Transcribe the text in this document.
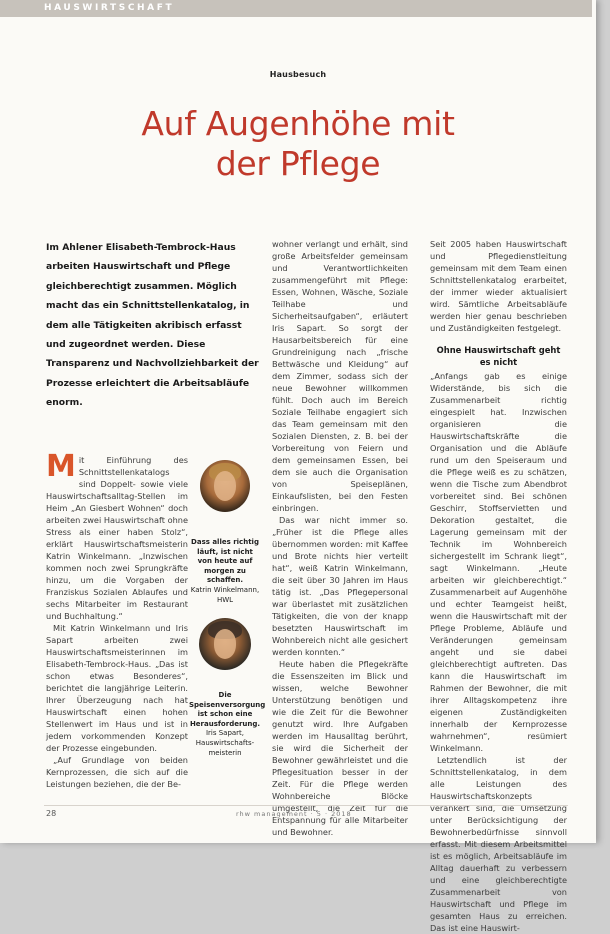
HAUSWIRTSCHAFT
Hausbesuch
Auf Augenhöhe mit
der Pflege
Im Ahlener Elisabeth-Tembrock-Haus arbeiten Hauswirtschaft und Pflege gleichberechtigt zusammen. Möglich macht das ein Schnittstellenkatalog, in dem alle Tätigkeiten akribisch erfasst und zugeordnet werden. Diese Transparenz und Nachvollziehbarkeit der Prozesse erleichtert die Arbeitsabläufe enorm.

Mit Einführung des Schnittstellenkatalogs sind Doppelt- sowie viele Hauswirtschaftsalltag-Stellen im Heim „An Giesbert Wohnen“ doch arbeiten zwei Hauswirtschaft ohne Stress als einer haben Stolz“, erklärt Hauswirtschaftsmeisterin Katrin Winkelmann. „Inzwischen kommen noch zwei Sprungkräfte hinzu, um die Vorgaben der Franziskus Sozialen Ablaufes und sechs Mitarbeiter im Restaurant und Buchhaltung.“

Mit Katrin Winkelmann und Iris Sapart arbeiten zwei Hauswirtschaftsmeisterinnen im Elisabeth-Tembrock-Haus. „Das ist schon etwas Besonderes“, berichtet die langjährige Leiterin. Ihrer Überzeugung nach hat Hauswirtschaft einen hohen Stellenwert im Haus und ist in jedem vorkommenden Konzept der Prozesse eingebunden.

„Auf Grundlage von beiden Kernprozessen, die sich auf die Leistungen beziehen, die der Be-

Dass alles richtig läuft, ist nicht von heute auf morgen zu schaffen.
Katrin Winkelmann, HWL
Die Speisenversorgung ist schon eine Herausforderung.
Iris Sapart, Hauswirtschafts-meisterin

wohner verlangt und erhält, sind große Arbeitsfelder gemeinsam und Verantwortlichkeiten zusammengeführt mit Pflege: Essen, Wohnen, Wäsche, Soziale Teilhabe und Sicherheitsaufgaben“, erläutert Iris Sapart. So sorgt der Hausarbeitsbereich für eine Grundreinigung nach „frische Bettwäsche und Kleidung“ auf dem Zimmer, sodass sich der neue Bewohner willkommen fühlt. Doch auch im Bereich Soziale Teilhabe engagiert sich das Team gemeinsam mit den Sozialen Diensten, z. B. bei der Vorbereitung von Feiern und dem gemeinsamen Essen, bei dem sie auch die Organisation von Speiseplänen, Einkaufslisten, bei den Festen einbringen.

Das war nicht immer so. „Früher ist die Pflege alles übernommen worden: mit Kaffee und Brote nichts hier verteilt hat“, weiß Katrin Winkelmann, die seit über 30 Jahren im Haus tätig ist. „Das Pflegepersonal war überlastet mit zusätzlichen Tätigkeiten, die von der knapp besetzten Hauswirtschaft im Wohnbereich nicht alle gesichert werden konnten.“

Heute haben die Pflegekräfte die Essenszeiten im Blick und wissen, welche Bewohner Unterstützung benötigen und wie die Zeit für die Bewohner genutzt wird. Ihre Aufgaben werden im Hausalltag berührt, sie wird die Sicherheit der Bewohner gewährleistet und die Pflegesituation besser in der Zeit. Für die Pflege werden Wohnbereiche Blöcke umgestellt, die Zeit für die Entspannung für alle Mitarbeiter und Bewohner.

Seit 2005 haben Hauswirtschaft und Pflegedienstleitung gemeinsam mit dem Team einen Schnittstellenkatalog erarbeitet, der immer wieder aktualisiert wird. Sämtliche Arbeitsabläufe werden hier genau beschrieben und Zuständigkeiten festgelegt.

Ohne Hauswirtschaft geht es nicht

„Anfangs gab es einige Widerstände, bis sich die Zusammenarbeit richtig eingespielt hat. Inzwischen organisieren die Hauswirtschaftskräfte die Organisation und die Abläufe rund um den Speiseraum und die Pflege weiß es zu schätzen, wenn die Tische zum Abendbrot vorbereitet sind. Bei schönen Geschirr, Stoffservietten und Dekoration gestaltet, die Lagerung gemeinsam mit der Technik im Wohnbereich sichergestellt im Schrank liegt“, sagt Winkelmann. „Heute arbeiten wir gleichberechtigt.“ Zusammenarbeit auf Augenhöhe und echter Teamgeist heißt, wenn die Hauswirtschaft mit der Pflege Probleme, Abläufe und Veränderungen gemeinsam angeht und sie dabei gleichberechtigt auftreten. Das kann die Hauswirtschaft im Rahmen der Bewohner, die mit ihrer Alltagskompetenz ihre eigenen Zuständigkeiten innerhalb der Kernprozesse wahrnehmen“, resümiert Winkelmann.

Letztendlich ist der Schnittstellenkatalog, in dem alle Leistungen des Hauswirtschaftskonzepts verankert sind, die Umsetzung unter Berücksichtigung der Bewohnerbedürfnisse sinnvoll erfasst. Mit diesem Arbeitsmittel ist es möglich, Arbeitsabläufe im Alltag dauerhaft zu verbessern und eine gleichberechtigte Zusammenarbeit von Hauswirtschaft und Pflege im gesamten Haus zu erreichen. Das ist eine Hauswirt-

28	rhw management · 5 · 2018
